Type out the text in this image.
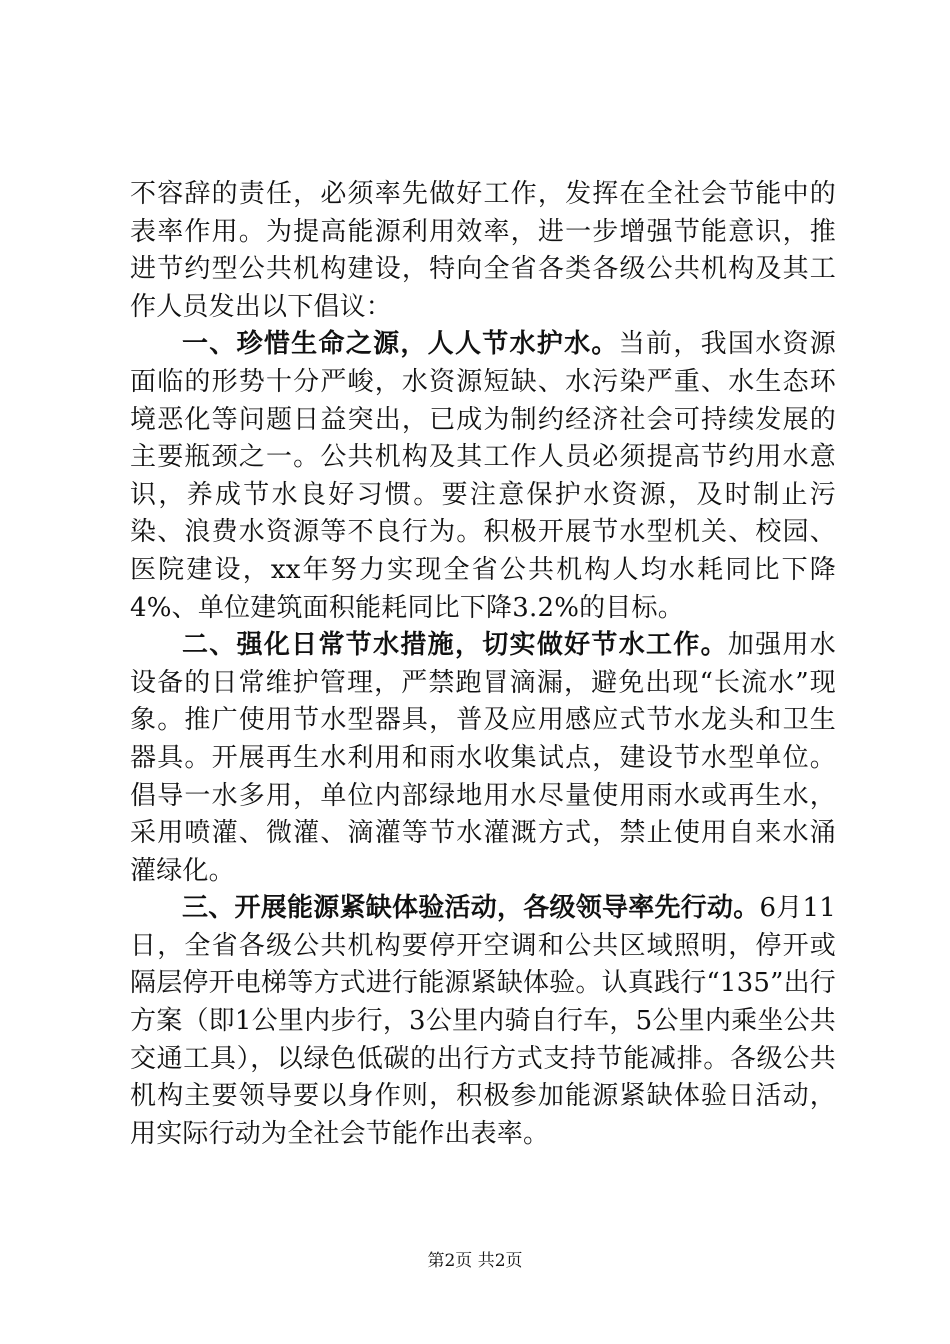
不容辞的责任，必须率先做好工作，发挥在全社会节能中的表率作用。为提高能源利用效率，进一步增强节能意识，推进节约型公共机构建设，特向全省各类各级公共机构及其工作人员发出以下倡议：

一、珍惜生命之源，人人节水护水。当前，我国水资源面临的形势十分严峻，水资源短缺、水污染严重、水生态环境恶化等问题日益突出，已成为制约经济社会可持续发展的主要瓶颈之一。公共机构及其工作人员必须提高节约用水意识，养成节水良好习惯。要注意保护水资源，及时制止污染、浪费水资源等不良行为。积极开展节水型机关、校园、医院建设，xx年努力实现全省公共机构人均水耗同比下降4%、单位建筑面积能耗同比下降3.2%的目标。

二、强化日常节水措施，切实做好节水工作。加强用水设备的日常维护管理，严禁跑冒滴漏，避免出现“长流水”现象。推广使用节水型器具，普及应用感应式节水龙头和卫生器具。开展再生水利用和雨水收集试点，建设节水型单位。倡导一水多用，单位内部绿地用水尽量使用雨水或再生水，采用喷灌、微灌、滴灌等节水灌溉方式，禁止使用自来水涌灌绿化。

三、开展能源紧缺体验活动，各级领导率先行动。6月11日，全省各级公共机构要停开空调和公共区域照明，停开或隔层停开电梯等方式进行能源紧缺体验。认真践行“135”出行方案（即1公里内步行，3公里内骑自行车，5公里内乘坐公共交通工具），以绿色低碳的出行方式支持节能减排。各级公共机构主要领导要以身作则，积极参加能源紧缺体验日活动，用实际行动为全社会节能作出表率。

第2页 共2页
